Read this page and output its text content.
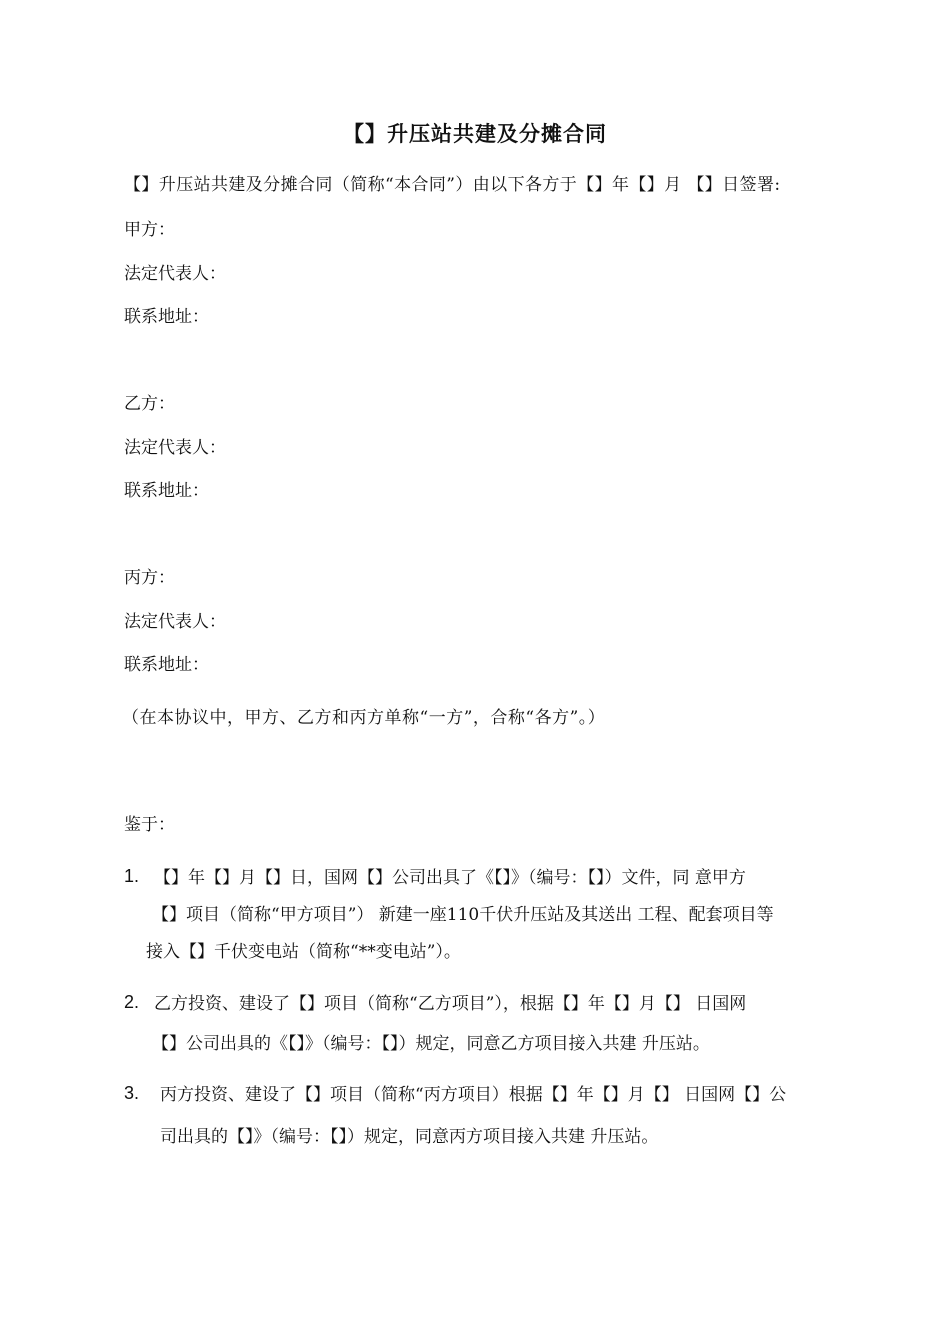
【】升压站共建及分摊合同
【】升压站共建及分摊合同（简称“本合同”）由以下各方于【】年【】月 【】日签署:
甲方：
法定代表人：
联系地址：
乙方：
法定代表人：
联系地址：
丙方：
法定代表人：
联系地址：
（在本协议中，甲方、乙方和丙方单称“一方”，合称“各方”。）
鉴于：
1. 【】年【】月【】日，国网【】公司出具了《【】》（编号：【】）文件，同 意甲方
【】项目（简称“甲方项目”） 新建一座110千伏升压站及其送出 工程、配套项目等
接入【】千伏变电站（简称“**变电站”）。
2. 乙方投资、建设了【】项目（简称“乙方项目”），根据【】年【】月【】 日国网
【】公司出具的《【】》（编号：【】）规定，同意乙方项目接入共建 升压站。
3. 丙方投资、建设了【】项目（简称“丙方项目）根据【】年【】月【】 日国网【】公
司出具的【】》（编号：【】）规定，同意丙方项目接入共建 升压站。
